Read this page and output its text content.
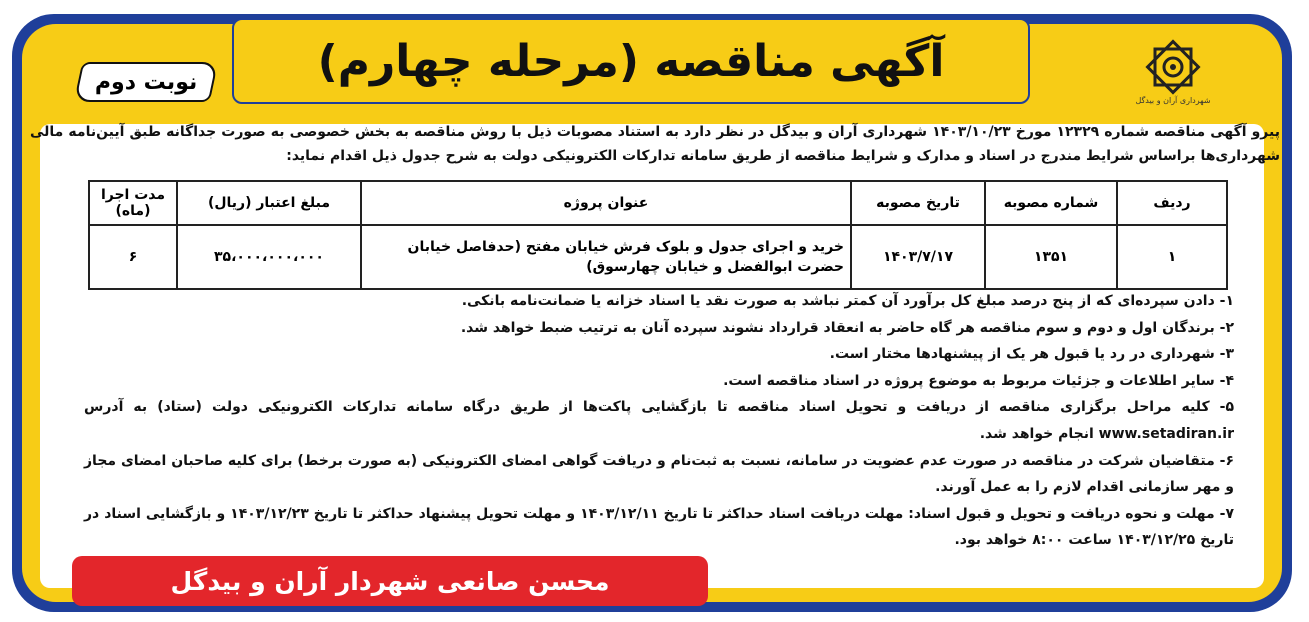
آگهی مناقصه (مرحله چهارم)
نوبت دوم
شهرداری آران و بیدگل
پیرو آگهی مناقصه شماره ۱۲۳۲۹ مورخ ۱۴۰۳/۱۰/۲۳ شهرداری آران و بیدگل در نظر دارد به استناد مصوبات ذیل با روش مناقصه به بخش خصوصی به صورت جداگانه طبق آیین‌نامه مالی شهرداری‌ها براساس شرایط مندرج در اسناد و مدارک و شرایط مناقصه از طریق سامانه تدارکات الکترونیکی دولت به شرح جدول ذیل اقدام نماید:
ردیف	شماره مصوبه	تاریخ مصوبه	عنوان پروژه	مبلغ اعتبار (ریال)	مدت اجرا (ماه)
۱	۱۳۵۱	۱۴۰۳/۷/۱۷	خرید و اجرای جدول و بلوک فرش خیابان مفتح (حدفاصل خیابان حضرت ابوالفضل و خیابان چهارسوق)	۳۵،۰۰۰،۰۰۰،۰۰۰	۶

۱- دادن سپرده‌ای که از پنج درصد مبلغ کل برآورد آن کمتر نباشد به صورت نقد یا اسناد خزانه یا ضمانت‌نامه بانکی.

۲- برندگان اول و دوم و سوم مناقصه هر گاه حاضر به انعقاد قرارداد نشوند سپرده آنان به ترتیب ضبط خواهد شد.

۳- شهرداری در رد یا قبول هر یک از پیشنهادها مختار است.

۴- سایر اطلاعات و جزئیات مربوط به موضوع پروژه در اسناد مناقصه است.

۵- کلیه مراحل برگزاری مناقصه از دریافت و تحویل اسناد مناقصه تا بازگشایی پاکت‌ها از طریق درگاه سامانه تدارکات الکترونیکی دولت (ستاد) به آدرس www.setadiran.ir انجام خواهد شد.

۶- متقاضیان شرکت در مناقصه در صورت عدم عضویت در سامانه، نسبت به ثبت‌نام و دریافت گواهی امضای الکترونیکی (به صورت برخط) برای کلیه صاحبان امضای مجاز و مهر سازمانی اقدام لازم را به عمل آورند.

۷- مهلت و نحوه دریافت و تحویل و قبول اسناد: مهلت دریافت اسناد حداکثر تا تاریخ ۱۴۰۳/۱۲/۱۱ و مهلت تحویل پیشنهاد حداکثر تا تاریخ ۱۴۰۳/۱۲/۲۳ و بازگشایی اسناد در تاریخ ۱۴۰۳/۱۲/۲۵ ساعت ۸:۰۰ خواهد بود.

محسن صانعی شهردار آران و بیدگل
